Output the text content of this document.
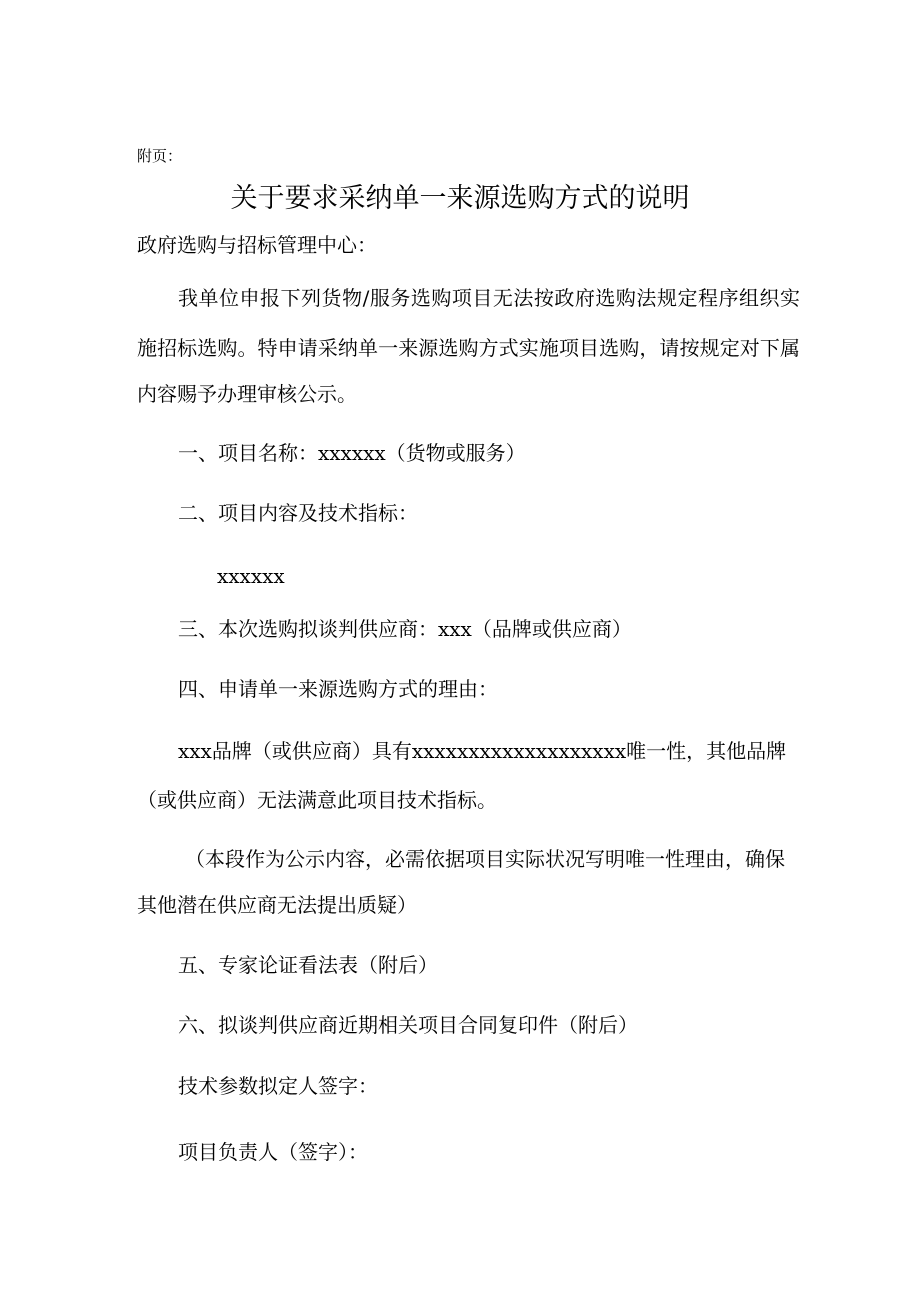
附页：
关于要求采纳单一来源选购方式的说明
政府选购与招标管理中心：
我单位申报下列货物/服务选购项目无法按政府选购法规定程序组织实
施招标选购。特申请采纳单一来源选购方式实施项目选购，请按规定对下属
内容赐予办理审核公示。
一、项目名称：xxxxxx（货物或服务）
二、项目内容及技术指标：
xxxxxx
三、本次选购拟谈判供应商：xxx（品牌或供应商）
四、申请单一来源选购方式的理由：
xxx品牌（或供应商）具有xxxxxxxxxxxxxxxxxxx唯一性，其他品牌
（或供应商）无法满意此项目技术指标。
（本段作为公示内容，必需依据项目实际状况写明唯一性理由，确保
其他潜在供应商无法提出质疑）
五、专家论证看法表（附后）
六、拟谈判供应商近期相关项目合同复印件（附后）
技术参数拟定人签字：
项目负责人（签字）：
